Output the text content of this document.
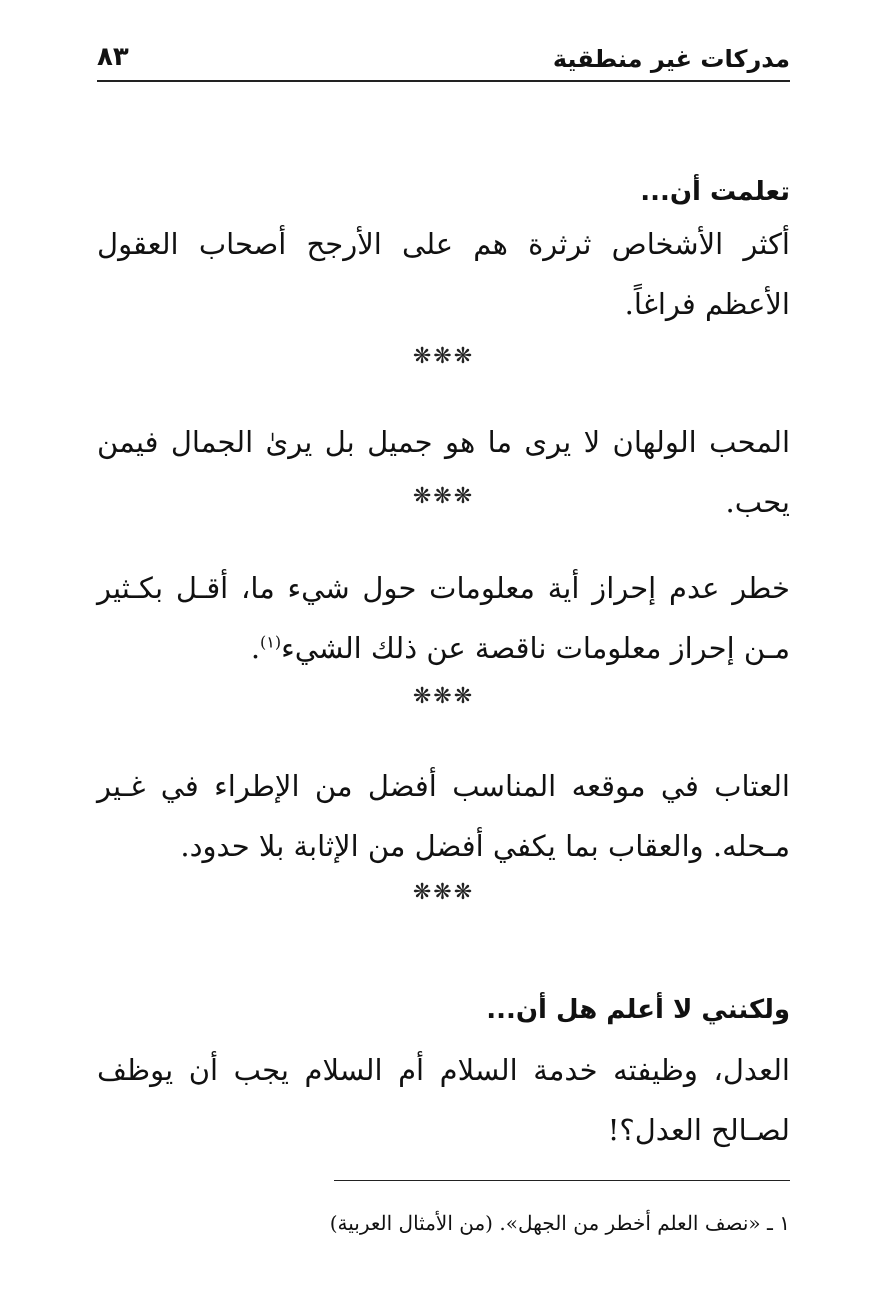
مدركات غير منطقية
٨٣
تعلمت أن...
أكثر الأشخاص ثرثرة هم على الأرجح أصحاب العقول الأعظم فراغاً.
❋❋❋
المحب الولهان لا يرى ما هو جميل بل يرىٰ الجمال فيمن يحب.
❋❋❋
خطر عدم إحراز أية معلومات حول شيء ما، أقـل بكـثير مـن إحراز معلومات ناقصة عن ذلك الشيء$^{(١)}$.
❋❋❋
العتاب في موقعه المناسب أفضل من الإطراء في غـير مـحله. والعقاب بما يكفي أفضل من الإثابة بلا حدود.
❋❋❋
ولكنني لا أعلم هل أن...
العدل، وظيفته خدمة السلام أم السلام يجب أن يوظف لصـالح العدل؟!
١ ـ «نصف العلم أخطر من الجهل». (من الأمثال العربية)
